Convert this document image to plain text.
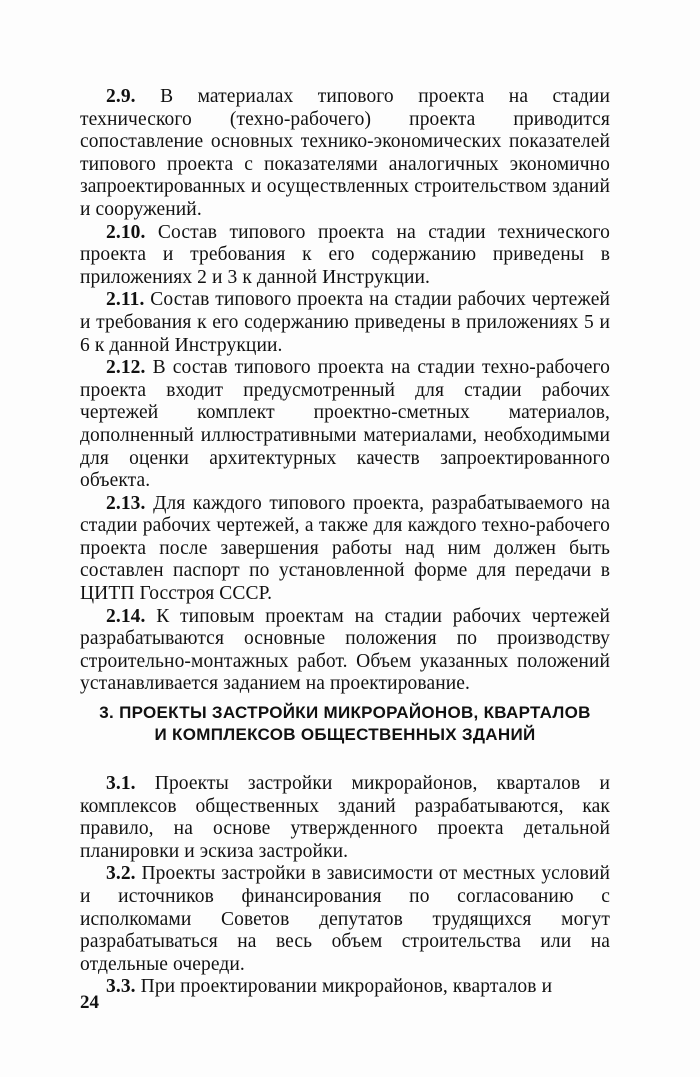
2.9. В материалах типового проекта на стадии технического (техно-рабочего) проекта приводится сопоставление основных технико-экономических показателей типового проекта с показателями аналогичных экономично запроектированных и осуществленных строительством зданий и сооружений.

2.10. Состав типового проекта на стадии технического проекта и требования к его содержанию приведены в приложениях 2 и 3 к данной Инструкции.

2.11. Состав типового проекта на стадии рабочих чертежей и требования к его содержанию приведены в приложениях 5 и 6 к данной Инструкции.

2.12. В состав типового проекта на стадии техно-рабочего проекта входит предусмотренный для стадии рабочих чертежей комплект проектно-сметных материалов, дополненный иллюстративными материалами, необходимыми для оценки архитектурных качеств запроектированного объекта.

2.13. Для каждого типового проекта, разрабатываемого на стадии рабочих чертежей, а также для каждого техно-рабочего проекта после завершения работы над ним должен быть составлен паспорт по установленной форме для передачи в ЦИТП Госстроя СССР.

2.14. К типовым проектам на стадии рабочих чертежей разрабатываются основные положения по производству строительно-монтажных работ. Объем указанных положений устанавливается заданием на проектирование.

3. ПРОЕКТЫ ЗАСТРОЙКИ МИКРОРАЙОНОВ, КВАРТАЛОВ
И КОМПЛЕКСОВ ОБЩЕСТВЕННЫХ ЗДАНИЙ

3.1. Проекты застройки микрорайонов, кварталов и комплексов общественных зданий разрабатываются, как правило, на основе утвержденного проекта детальной планировки и эскиза застройки.

3.2. Проекты застройки в зависимости от местных условий и источников финансирования по согласованию с исполкомами Советов депутатов трудящихся могут разрабатываться на весь объем строительства или на отдельные очереди.

3.3. При проектировании микрорайонов, кварталов и

24
